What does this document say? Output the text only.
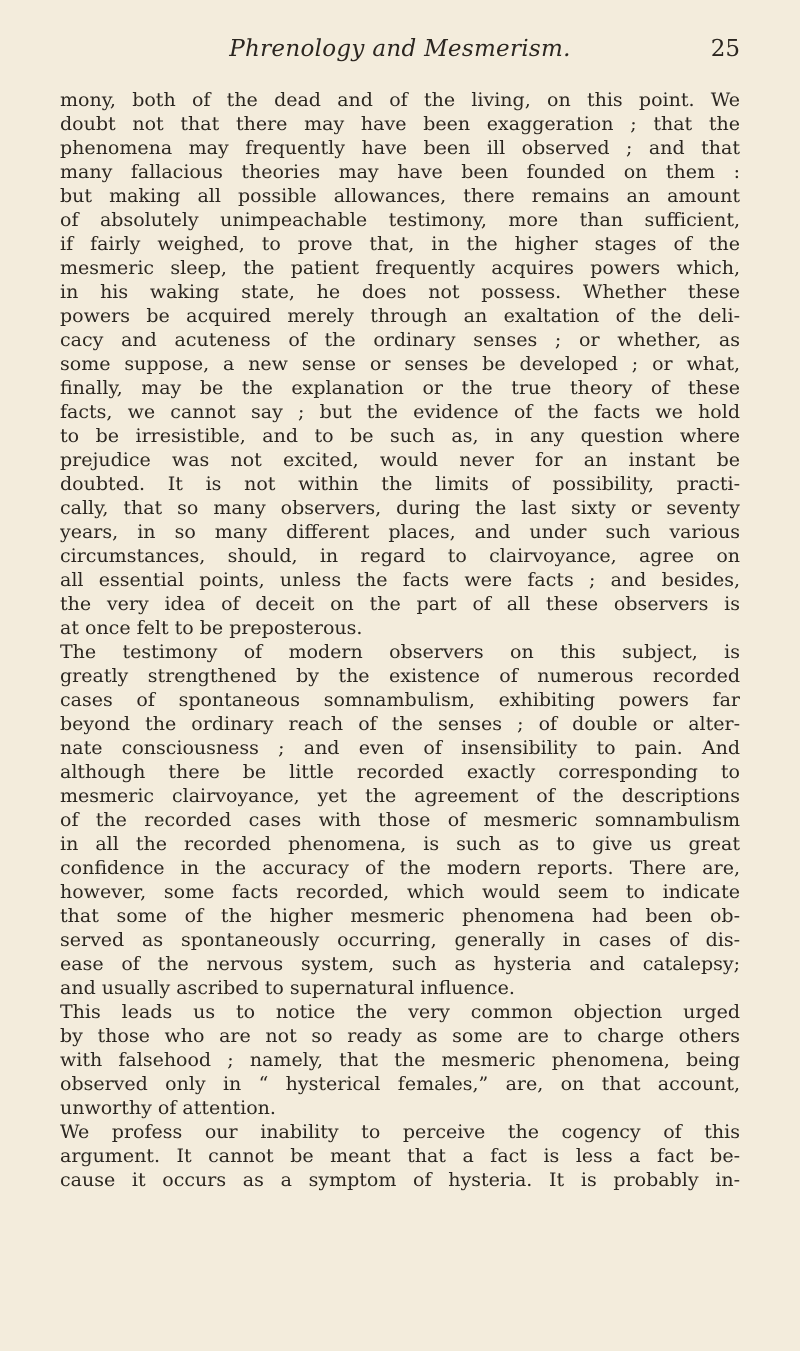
Phrenology and Mesmerism.	25
mony, both of the dead and of the living, on this point. We
doubt not that there may have been exaggeration ; that the
phenomena may frequently have been ill observed ; and that
many fallacious theories may have been founded on them :
but making all possible allowances, there remains an amount
of absolutely unimpeachable testimony, more than sufficient,
if fairly weighed, to prove that, in the higher stages of the
mesmeric sleep, the patient frequently acquires powers which,
in his waking state, he does not possess. Whether these
powers be acquired merely through an exaltation of the deli-
cacy and acuteness of the ordinary senses ; or whether, as
some suppose, a new sense or senses be developed ; or what,
finally, may be the explanation or the true theory of these
facts, we cannot say ; but the evidence of the facts we hold
to be irresistible, and to be such as, in any question where
prejudice was not excited, would never for an instant be
doubted. It is not within the limits of possibility, practi-
cally, that so many observers, during the last sixty or seventy
years, in so many different places, and under such various
circumstances, should, in regard to clairvoyance, agree on
all essential points, unless the facts were facts ; and besides,
the very idea of deceit on the part of all these observers is
at once felt to be preposterous.
The testimony of modern observers on this subject, is
greatly strengthened by the existence of numerous recorded
cases of spontaneous somnambulism, exhibiting powers far
beyond the ordinary reach of the senses ; of double or alter-
nate consciousness ; and even of insensibility to pain. And
although there be little recorded exactly corresponding to
mesmeric clairvoyance, yet the agreement of the descriptions
of the recorded cases with those of mesmeric somnambulism
in all the recorded phenomena, is such as to give us great
confidence in the accuracy of the modern reports. There are,
however, some facts recorded, which would seem to indicate
that some of the higher mesmeric phenomena had been ob-
served as spontaneously occurring, generally in cases of dis-
ease of the nervous system, such as hysteria and catalepsy;
and usually ascribed to supernatural influence.
This leads us to notice the very common objection urged
by those who are not so ready as some are to charge others
with falsehood ; namely, that the mesmeric phenomena, being
observed only in “ hysterical females,” are, on that account,
unworthy of attention.
We profess our inability to perceive the cogency of this
argument. It cannot be meant that a fact is less a fact be-
cause it occurs as a symptom of hysteria. It is probably in-
